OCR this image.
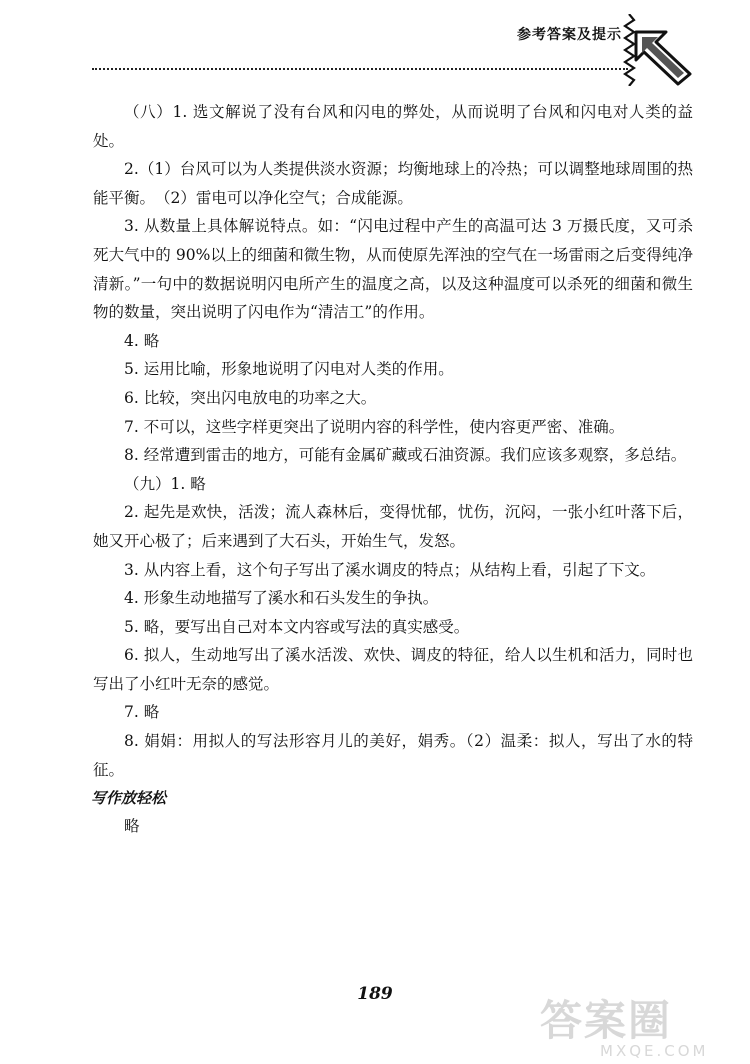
参考答案及提示

（八）1. 选文解说了没有台风和闪电的弊处，从而说明了台风和闪电对人类的益处。

2.（1）台风可以为人类提供淡水资源；均衡地球上的冷热；可以调整地球周围的热能平衡。　（2）雷电可以净化空气；合成能源。

3. 从数量上具体解说特点。如：“闪电过程中产生的高温可达 3 万摄氏度，又可杀死大气中的 90%以上的细菌和微生物，从而使原先浑浊的空气在一场雷雨之后变得纯净清新。”一句中的数据说明闪电所产生的温度之高，以及这种温度可以杀死的细菌和微生物的数量，突出说明了闪电作为“清洁工”的作用。

4. 略

5. 运用比喻，形象地说明了闪电对人类的作用。

6. 比较，突出闪电放电的功率之大。

7. 不可以，这些字样更突出了说明内容的科学性，使内容更严密、准确。

8. 经常遭到雷击的地方，可能有金属矿藏或石油资源。我们应该多观察，多总结。

（九）1. 略

2. 起先是欢快，活泼；流人森林后，变得忧郁，忧伤，沉闷，一张小红叶落下后，她又开心极了；后来遇到了大石头，开始生气，发怒。

3. 从内容上看，这个句子写出了溪水调皮的特点；从结构上看，引起了下文。

4. 形象生动地描写了溪水和石头发生的争执。

5. 略，要写出自己对本文内容或写法的真实感受。

6. 拟人，生动地写出了溪水活泼、欢快、调皮的特征，给人以生机和活力，同时也写出了小红叶无奈的感觉。

7. 略

8. 娟娟：用拟人的写法形容月儿的美好，娟秀。（2）温柔：拟人，写出了水的特征。

写作放轻松

略

189
答案圈
MXQE.COM
